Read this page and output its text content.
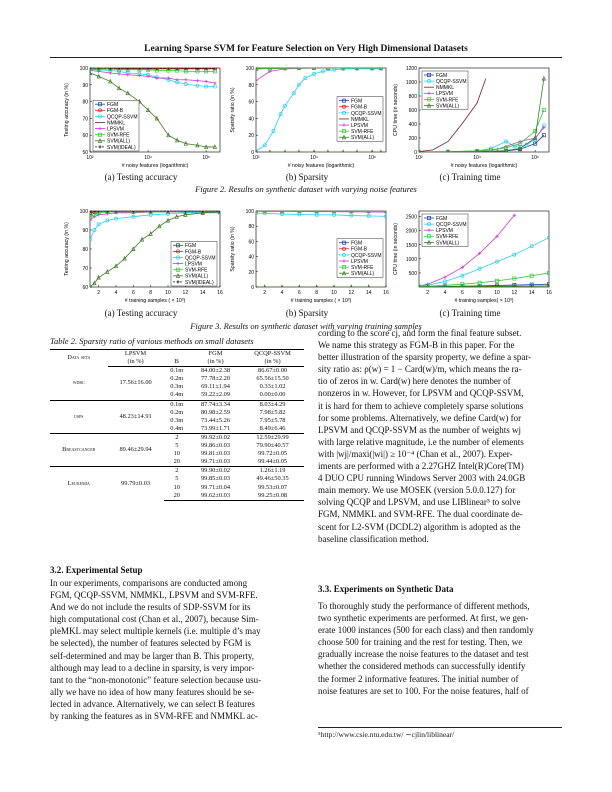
Learning Sparse SVM for Feature Selection on Very High Dimensional Datasets
50
60
70
80
90
100
10²	10⁴	10⁶
# noisy features (logarithmic)
Testing accuracy (in %)	FGM
FGM-B
QCQP-SSVM
NMMKL
LPSVM
SVM-RFE
SVM(ALL)
SVM(IDEAL)
0
20
40
60
80
100
10²	10⁴	10⁶
# noisy features (logarithmic)
Sparsity ratio (in %)	FGM
FGM-B
QCQP-SSVM
NMMKL
LPSVM
SVM-RFE
SVM(ALL)
0
200
400
600
800
1000
1200
10²	10⁴	10⁶
# noisy features (logarithmic)
CPU time (in seconds)
FGM
QCQP-SSVM
NMMKL
LPSVM
SVM-RFE
SVM(ALL)
(a) Testing accuracy	(b) Sparsity	(c) Training time
Figure 2. Results on synthetic dataset with varying noise features
60
70
80
90
100
2	4	6	8	10 12 14 16
# training samples ( × 10³)
Testing accuracy (in %)	FGM
FGM-B
QCQP-SSVM
LPSVM
SVM-RFE
SVM(ALL)
SVM(IDEAL)
0
20
40
60
80
100
2	4	6	8	10 12 14 16
# training samples ( × 10³)
Sparsity ratio (in %)	FGM
FGM-B
QCQP-SSVM
LPSVM
SVM-RFE
SVM(ALL)	500
1000
1500
2000
2500
2	4	6	8	10 12 14 16
# training samples( × 10³)
CPU time (in seconds)
FGM
QCQP-SSVM
LPSVM
SVM-RFE
SVM(ALL)
(a) Testing accuracy	(b) Sparsity	(c) Training time
Figure 3. Results on synthetic dataset with varying training samples
Table 2. Sparsity ratio of various methods on small datasets
Data sets	LPSVM		FGM	QCQP-SSVM
	(in %)	B	(in %)	(in %)
wdbc	17.56±16.00	0.1m	84.00±2.38	86.67±0.00
		0.2m	77.78±2.20	65.56±15.50
		0.3m	69.11±1.94	0.33±1.02
		0.4m	59.22±2.09	0.00±0.00
usps	48.23±14.91	0.1m	87.74±3.34	8.03±4.29
		0.2m	80.98±2.59	7.98±5.82
		0.3m	73.44±5.26	7.95±5.78
		0.4m	73.99±1.71	8.49±6.46
Breastcancer	89.46±29.94	2	99.92±0.02	12.59±29.99
		5	99.86±0.03	79.90±40.57
		10	99.81±0.03	99.72±0.05
		20	99.71±0.03	99.44±0.05
Leukemia	99.79±0.03	2	99.90±0.02	1.26±1.19
		5	99.85±0.03	49.46±50.35
		10	99.71±0.04	99.53±0.07
		20	99.62±0.03	99.25±0.08
3.2. Experimental Setup
In our experiments, comparisons are conducted among
FGM, QCQP-SSVM, NMMKL, LPSVM and SVM-RFE.
And we do not include the results of SDP-SSVM for its
high computational cost (Chan et al., 2007), because Sim-
pleMKL may select multiple kernels (i.e. multiple d’s may
be selected), the number of features selected by FGM is
self-determined and may be larger than B. This property,
although may lead to a decline in sparsity, is very impor-
tant to the “non-monotonic” feature selection because usu-
ally we have no idea of how many features should be se-
lected in advance. Alternatively, we can select B features
by ranking the features as in SVM-RFE and NMMKL ac-
cording to the score cj, and form the final feature subset.
We name this strategy as FGM-B in this paper. For the
better illustration of the sparsity property, we define a spar-
sity ratio as: ρ(w) = 1 − Card(w)/m, which means the ra-
tio of zeros in w. Card(w) here denotes the number of
nonzeros in w. However, for LPSVM and QCQP-SSVM,
it is hard for them to achieve completely sparse solutions
for some problems. Alternatively, we define Card(w) for
LPSVM and QCQP-SSVM as the number of weights wj
with large relative magnitude, i.e the number of elements
with |wj|/maxi(|wi|) ≥ 10⁻⁴ (Chan et al., 2007). Exper-
iments are performed with a 2.27GHZ Intel(R)Core(TM)
4 DUO CPU running Windows Server 2003 with 24.0GB
main memory. We use MOSEK (version 5.0.0.127) for
solving QCQP and LPSVM, and use LIBlinear⁵ to solve
FGM, NMMKL and SVM-RFE. The dual coordinate de-
scent for L2-SVM (DCDL2) algorithm is adopted as the
baseline classification method.
3.3. Experiments on Synthetic Data
To thoroughly study the performance of different methods,
two synthetic experiments are performed. At first, we gen-
erate 1000 instances (500 for each class) and then randomly
choose 500 for training and the rest for testing. Then, we
gradually increase the noise features to the dataset and test
whether the considered methods can successfully identify
the former 2 informative features. The initial number of
noise features are set to 100. For the noise features, half of
⁵http://www.csie.ntu.edu.tw/ ∼cjlin/liblinear/
